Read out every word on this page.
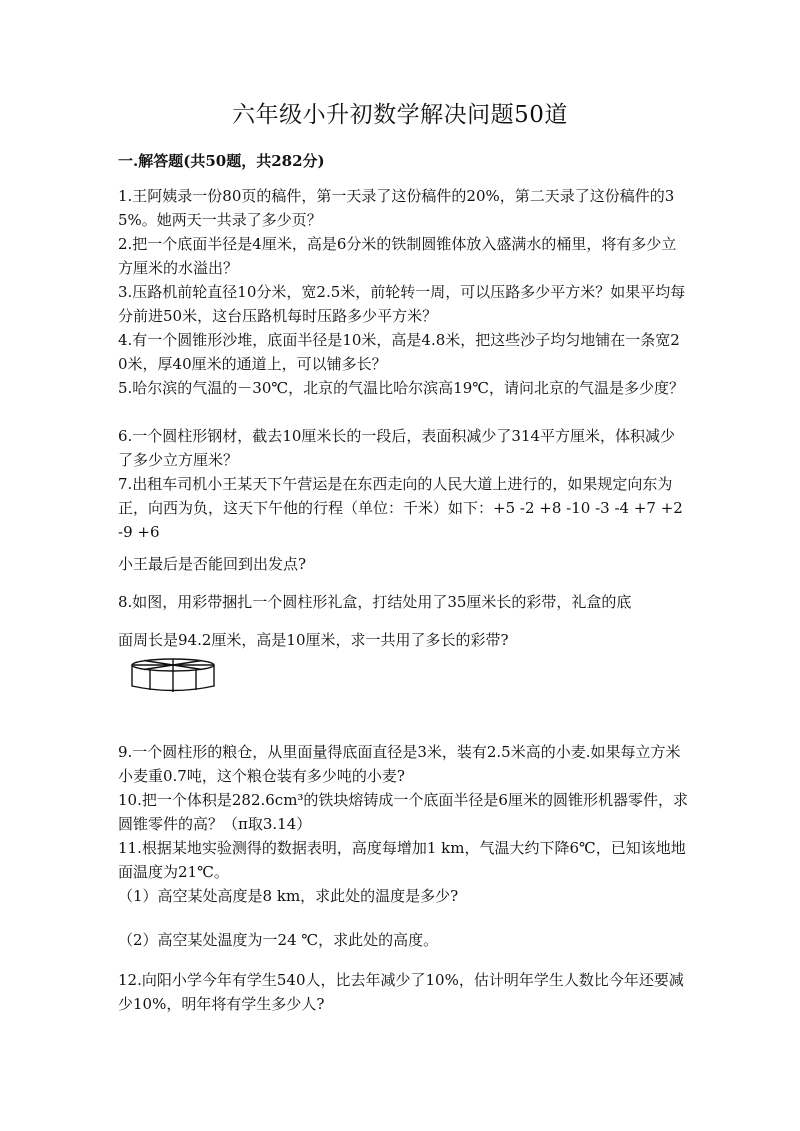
六年级小升初数学解决问题50道
一.解答题(共50题，共282分)

1.王阿姨录一份80页的稿件，第一天录了这份稿件的20%，第二天录了这份稿件的35%。她两天一共录了多少页？

2.把一个底面半径是4厘米，高是6分米的铁制圆锥体放入盛满水的桶里，将有多少立方厘米的水溢出？

3.压路机前轮直径10分米，宽2.5米，前轮转一周，可以压路多少平方米？如果平均每分前进50米，这台压路机每时压路多少平方米？

4.有一个圆锥形沙堆，底面半径是10米，高是4.8米，把这些沙子均匀地铺在一条宽20米，厚40厘米的通道上，可以铺多长？

5.哈尔滨的气温的－30℃，北京的气温比哈尔滨高19℃，请问北京的气温是多少度？

6.一个圆柱形钢材，截去10厘米长的一段后，表面积减少了314平方厘米，体积减少了多少立方厘米？

7.出租车司机小王某天下午营运是在东西走向的人民大道上进行的，如果规定向东为正，向西为负，这天下午他的行程（单位：千米）如下：+5 -2 +8 -10 -3 -4 +7 +2 -9 +6

小王最后是否能回到出发点?

8.如图，用彩带捆扎一个圆柱形礼盒，打结处用了35厘米长的彩带，礼盒的底

面周长是94.2厘米，高是10厘米，求一共用了多长的彩带?

9.一个圆柱形的粮仓，从里面量得底面直径是3米，装有2.5米高的小麦.如果每立方米小麦重0.7吨，这个粮仓装有多少吨的小麦?

10.把一个体积是282.6cm³的铁块熔铸成一个底面半径是6厘米的圆锥形机器零件，求圆锥零件的高？（π取3.14）

11.根据某地实验测得的数据表明，高度每增加1 km，气温大约下降6℃，已知该地地面温度为21℃。

（1）高空某处高度是8 km，求此处的温度是多少?

（2）高空某处温度为一24 ℃，求此处的高度。

12.向阳小学今年有学生540人，比去年减少了10%，估计明年学生人数比今年还要减少10%，明年将有学生多少人?
